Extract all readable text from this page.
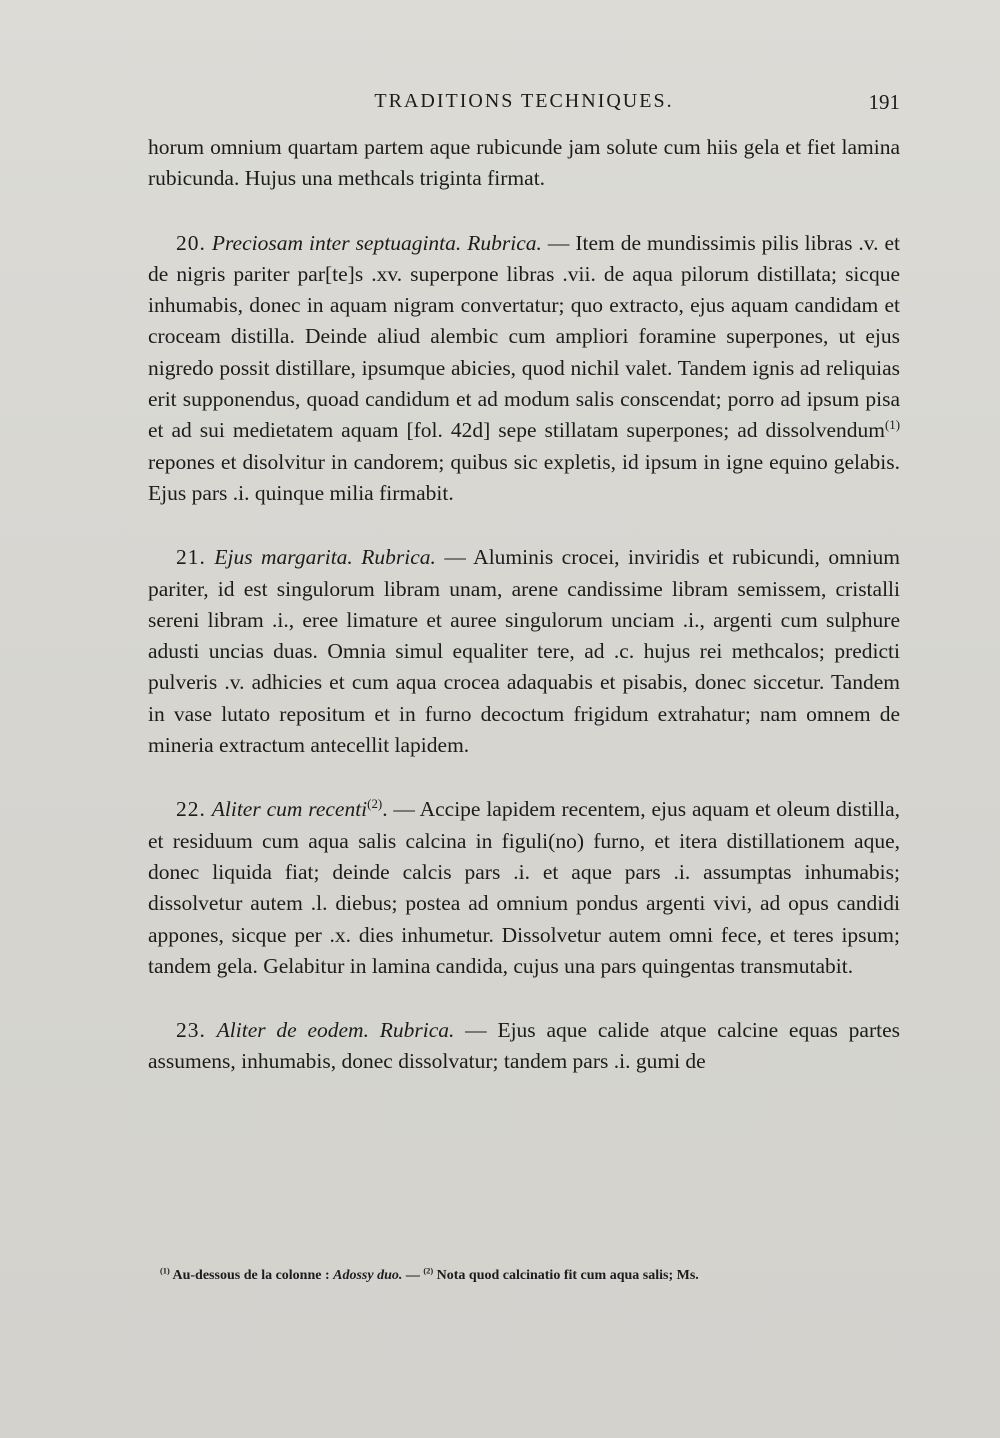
TRADITIONS TECHNIQUES.	191

horum omnium quartam partem aque rubicunde jam solute cum hiis gela et fiet lamina rubicunda. Hujus una methcals triginta firmat.

20. Preciosam inter septuaginta. Rubrica. — Item de mundissimis pilis libras .v. et de nigris pariter par[te]s .xv. superpone libras .vii. de aqua pilorum distillata; sicque inhumabis, donec in aquam nigram convertatur; quo extracto, ejus aquam candidam et croceam distilla. Deinde aliud alembic cum ampliori foramine superpones, ut ejus nigredo possit distillare, ipsumque abicies, quod nichil valet. Tandem ignis ad reliquias erit supponendus, quoad candidum et ad modum salis conscendat; porro ad ipsum pisa et ad sui medietatem aquam [fol. 42d] sepe stillatam superpones; ad dissolvendum$^{(1)}$ repones et disolvitur in candorem; quibus sic expletis, id ipsum in igne equino gelabis. Ejus pars .i. quinque milia firmabit.

21. Ejus margarita. Rubrica. — Aluminis crocei, inviridis et rubicundi, omnium pariter, id est singulorum libram unam, arene candissime libram semissem, cristalli sereni libram .i., eree limature et auree singulorum unciam .i., argenti cum sulphure adusti uncias duas. Omnia simul equaliter tere, ad .c. hujus rei methcalos; predicti pulveris .v. adhicies et cum aqua crocea adaquabis et pisabis, donec siccetur. Tandem in vase lutato repositum et in furno decoctum frigidum extrahatur; nam omnem de mineria extractum antecellit lapidem.

22. Aliter cum recenti$^{(2)}$. — Accipe lapidem recentem, ejus aquam et oleum distilla, et residuum cum aqua salis calcina in figuli(no) furno, et itera distillationem aque, donec liquida fiat; deinde calcis pars .i. et aque pars .i. assumptas inhumabis; dissolvetur autem .l. diebus; postea ad omnium pondus argenti vivi, ad opus candidi appones, sicque per .x. dies inhumetur. Dissolvetur autem omni fece, et teres ipsum; tandem gela. Gelabitur in lamina candida, cujus una pars quingentas transmutabit.

23. Aliter de eodem. Rubrica. — Ejus aque calide atque calcine equas partes assumens, inhumabis, donec dissolvatur; tandem pars .i. gumi de

$^{(1)}$ Au-dessous de la colonne : Adossy duo. — $^{(2)}$ Nota quod calcinatio fit cum aqua salis; Ms.
